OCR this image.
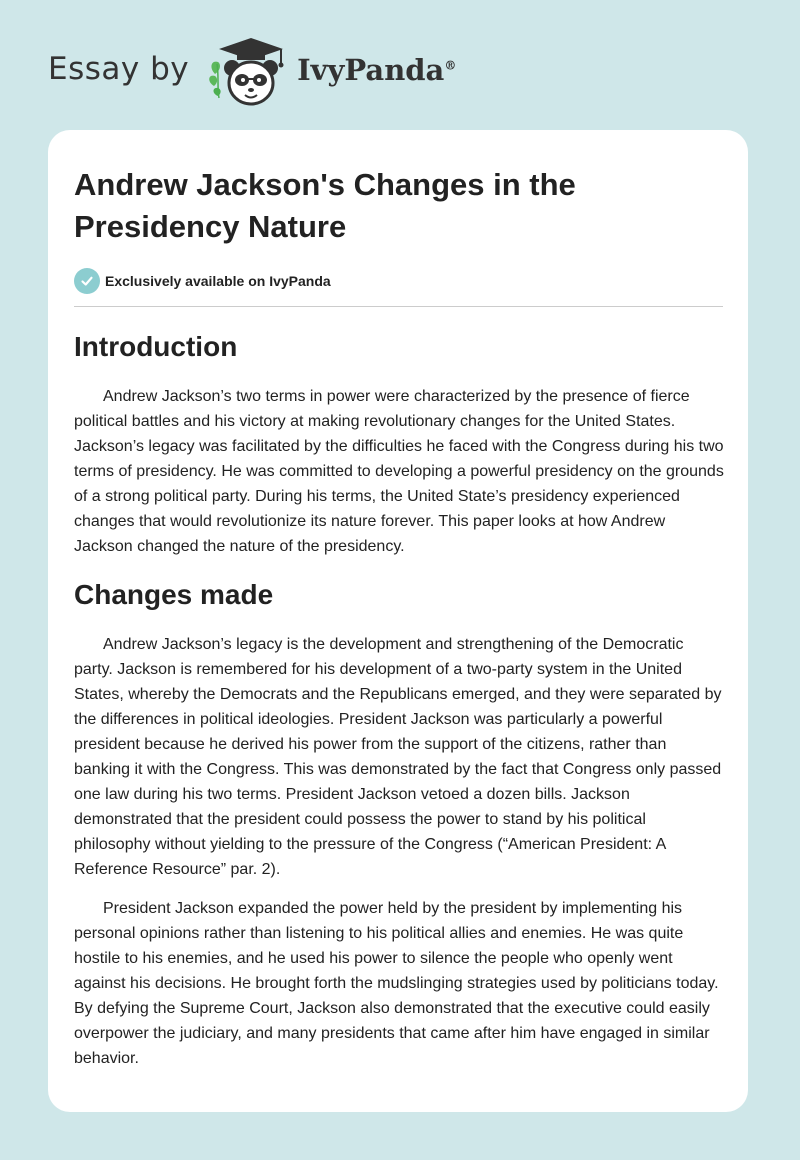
Essay by	IvyPanda®
Andrew Jackson's Changes in the Presidency Nature
Exclusively available on IvyPanda
Introduction

Andrew Jackson’s two terms in power were characterized by the presence of fierce political battles and his victory at making revolutionary changes for the United States. Jackson’s legacy was facilitated by the difficulties he faced with the Congress during his two terms of presidency. He was committed to developing a powerful presidency on the grounds of a strong political party. During his terms, the United State’s presidency experienced changes that would revolutionize its nature forever. This paper looks at how Andrew Jackson changed the nature of the presidency.

Changes made

Andrew Jackson’s legacy is the development and strengthening of the Democratic party. Jackson is remembered for his development of a two-party system in the United States, whereby the Democrats and the Republicans emerged, and they were separated by the differences in political ideologies. President Jackson was particularly a powerful president because he derived his power from the support of the citizens, rather than banking it with the Congress. This was demonstrated by the fact that Congress only passed one law during his two terms. President Jackson vetoed a dozen bills. Jackson demonstrated that the president could possess the power to stand by his political philosophy without yielding to the pressure of the Congress (“American President: A Reference Resource” par. 2).

President Jackson expanded the power held by the president by implementing his personal opinions rather than listening to his political allies and enemies. He was quite hostile to his enemies, and he used his power to silence the people who openly went against his decisions. He brought forth the mudslinging strategies used by politicians today. By defying the Supreme Court, Jackson also demonstrated that the executive could easily overpower the judiciary, and many presidents that came after him have engaged in similar behavior.
